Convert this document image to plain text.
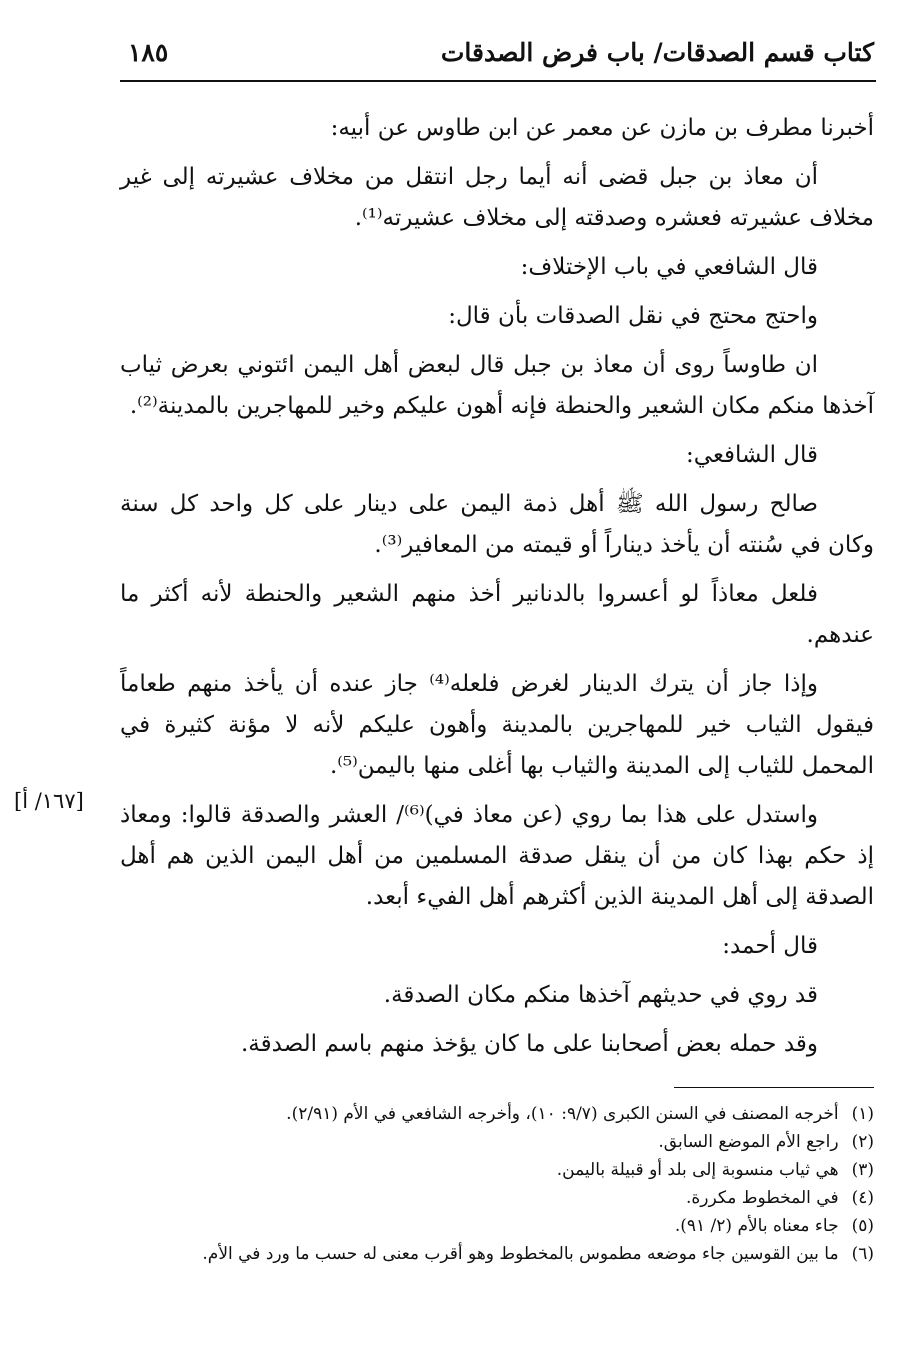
كتاب قسم الصدقات/ باب فرض الصدقات
١٨٥
[١٦٧/ أ]

أخبرنا مطرف بن مازن عن معمر عن ابن طاوس عن أبيه:

أن معاذ بن جبل قضى أنه أيما رجل انتقل من مخلاف عشيرته إلى غير مخلاف عشيرته فعشره وصدقته إلى مخلاف عشيرته⁽¹⁾.

قال الشافعي في باب الإختلاف:

واحتج محتج في نقل الصدقات بأن قال:

ان طاوساً روى أن معاذ بن جبل قال لبعض أهل اليمن ائتوني بعرض ثياب آخذها منكم مكان الشعير والحنطة فإنه أهون عليكم وخير للمهاجرين بالمدينة⁽²⁾.

قال الشافعي:

صالح رسول الله ﷺ أهل ذمة اليمن على دينار على كل واحد كل سنة وكان في سُنته أن يأخذ ديناراً أو قيمته من المعافير⁽³⁾.

فلعل معاذاً لو أعسروا بالدنانير أخذ منهم الشعير والحنطة لأنه أكثر ما عندهم.

وإذا جاز أن يترك الدينار لغرض فلعله⁽⁴⁾ جاز عنده أن يأخذ منهم طعاماً فيقول الثياب خير للمهاجرين بالمدينة وأهون عليكم لأنه لا مؤنة كثيرة في المحمل للثياب إلى المدينة والثياب بها أغلى منها باليمن⁽⁵⁾.

واستدل على هذا بما روي (عن معاذ في)⁽⁶⁾/ العشر والصدقة قالوا: ومعاذ إذ حكم بهذا كان من أن ينقل صدقة المسلمين من أهل اليمن الذين هم أهل الصدقة إلى أهل المدينة الذين أكثرهم أهل الفيء أبعد.

قال أحمد:

قد روي في حديثهم آخذها منكم مكان الصدقة.

وقد حمله بعض أصحابنا على ما كان يؤخذ منهم باسم الصدقة.

(١) أخرجه المصنف في السنن الكبرى (٩/٧: ١٠)، وأخرجه الشافعي في الأم (٢/٩١).

(٢) راجع الأم الموضع السابق.

(٣) هي ثياب منسوبة إلى بلد أو قبيلة باليمن.

(٤) في المخطوط مكررة.

(٥) جاء معناه بالأم (٢/ ٩١).

(٦) ما بين القوسين جاء موضعه مطموس بالمخطوط وهو أقرب معنى له حسب ما ورد في الأم.
